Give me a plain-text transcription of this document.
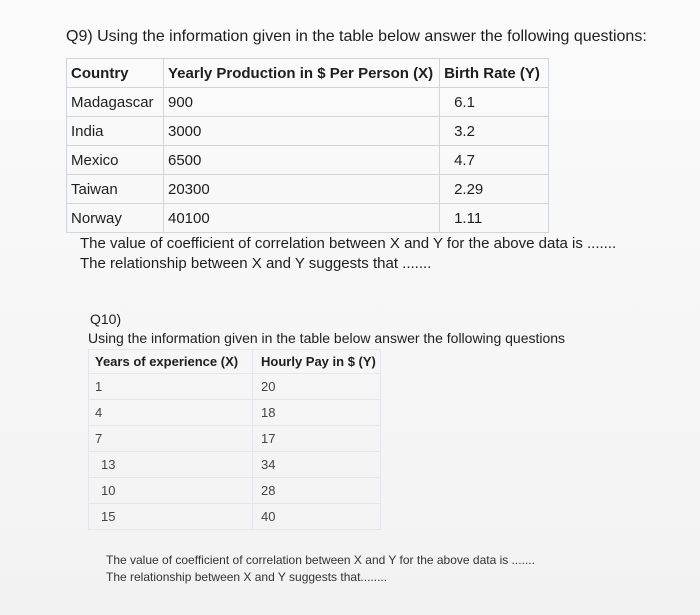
Q9) Using the information given in the table below answer the following questions:
Country	Yearly Production in $ Per Person (X)	Birth Rate (Y)
Madagascar	900	6.1
India	3000	3.2
Mexico	6500	4.7
Taiwan	20300	2.29
Norway	40100	1.11
The value of coefficient of correlation between X and Y for the above data is .......
The relationship between X and Y suggests that .......
Q10)
Using the information given in the table below answer the following questions
Years of experience (X)	Hourly Pay in $ (Y)
1	20
4	18
7	17
13	34
10	28
15	40
The value of coefficient of correlation between X and Y for the above data is .......
The relationship between X and Y suggests that........
